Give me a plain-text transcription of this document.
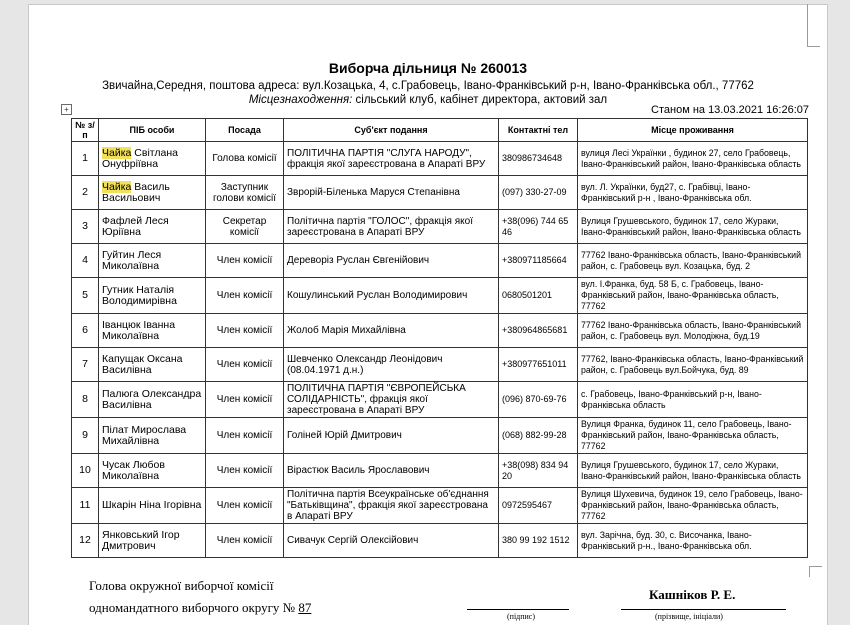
Виборча дільниця № 260013
Звичайна,Середня, поштова адреса: вул.Козацька, 4, с.Грабовець, Івано-Франківський р-н, Івано-Франківська обл., 77762
Місцезнаходження: сільський клуб, кабінет директора, актовий зал
+	Станом на 13.03.2021 16:26:07
№ з/п	ПІБ особи	Посада	Суб'єкт подання	Контактні тел	Місце проживання
1	Чайка Світлана Онуфріївна	Голова комісії	ПОЛІТИЧНА ПАРТІЯ "СЛУГА НАРОДУ", фракція якої зареєстрована в Апараті ВРУ	380986734648	вулиця Лесі Українки , будинок 27, село Грабовець, Івано-Франківський район, Івано-Франківська область
2	Чайка Василь Васильович	Заступник голови комісії	Зврорій-Біленька Маруся Степанівна	(097) 330-27-09	вул. Л. Українки, буд27, с. Грабівці, Івано-Франківський р-н , Івано-Франківська обл.
3	Фафлей Леся Юріївна	Секретар комісії	Політична партія "ГОЛОС", фракція якої зареєстрована в Апараті ВРУ	+38(096) 744 65 46	Вулиця Грушевського, будинок 17, село Жураки, Івано-Франківський район, Івано-Франківська область
4	Гуйтин Леся Миколаївна	Член комісії	Дереворіз Руслан Євгенійович	+380971185664	77762 Івано-Франківська область, Івано-Франківський район, с. Грабовець вул. Козацька, буд. 2
5	Гутник Наталія Володимирівна	Член комісії	Кошулинський Руслан Володимирович	0680501201	вул. І.Франка, буд. 58 Б, с. Грабовець, Івано-Франківський район, Івано-Франківська область, 77762
6	Іванцюк Іванна Миколаївна	Член комісії	Жолоб Марія Михайлівна	+380964865681	77762 Івано-Франківська область, Івано-Франківський район, с. Грабовець вул. Молодіжна, буд.19
7	Капущак Оксана Василівна	Член комісії	Шевченко Олександр Леонідович (08.04.1971 д.н.)	+380977651011	77762, Івано-Франківська область, Івано-Франківський район, с. Грабовець вул.Бойчука, буд. 89
8	Палюга Олександра Василівна	Член комісії	ПОЛІТИЧНА ПАРТІЯ "ЄВРОПЕЙСЬКА СОЛІДАРНІСТЬ", фракція якої зареєстрована в Апараті ВРУ	(096) 870-69-76	с. Грабовець, Івано-Франківський р-н, Івано-Франківська область
9	Пілат Мирослава Михайлівна	Член комісії	Голіней Юрій Дмитрович	(068) 882-99-28	Вулиця Франка, будинок 11, село Грабовець, Івано-Франківський район, Івано-Франківська область, 77762
10	Чусак Любов Миколаївна	Член комісії	Вірастюк Василь Ярославович	+38(098) 834 94 20	Вулиця Грушевського, будинок 17, село Жураки, Івано-Франківський район, Івано-Франківська область
11	Шкарін Ніна Ігорівна	Член комісії	Політична партія Всеукраїнське об'єднання "Батьківщина", фракція якої зареєстрована в Апараті ВРУ	0972595467	Вулиця Шухевича, будинок 19, село Грабовець, Івано-Франківський район, Івано-Франківська область, 77762
12	Янковський Ігор Дмитрович	Член комісії	Сивачук Сергій Олексійович	380 99 192 1512	вул. Зарічна, буд. 30, с. Височанка, Івано-Франківський р-н., Івано-Франківська обл.
Голова окружної виборчої комісії
одномандатного виборчого округу № 87
(підпис)
Кашніков Р. Е.
(прізвище, ініціали)
